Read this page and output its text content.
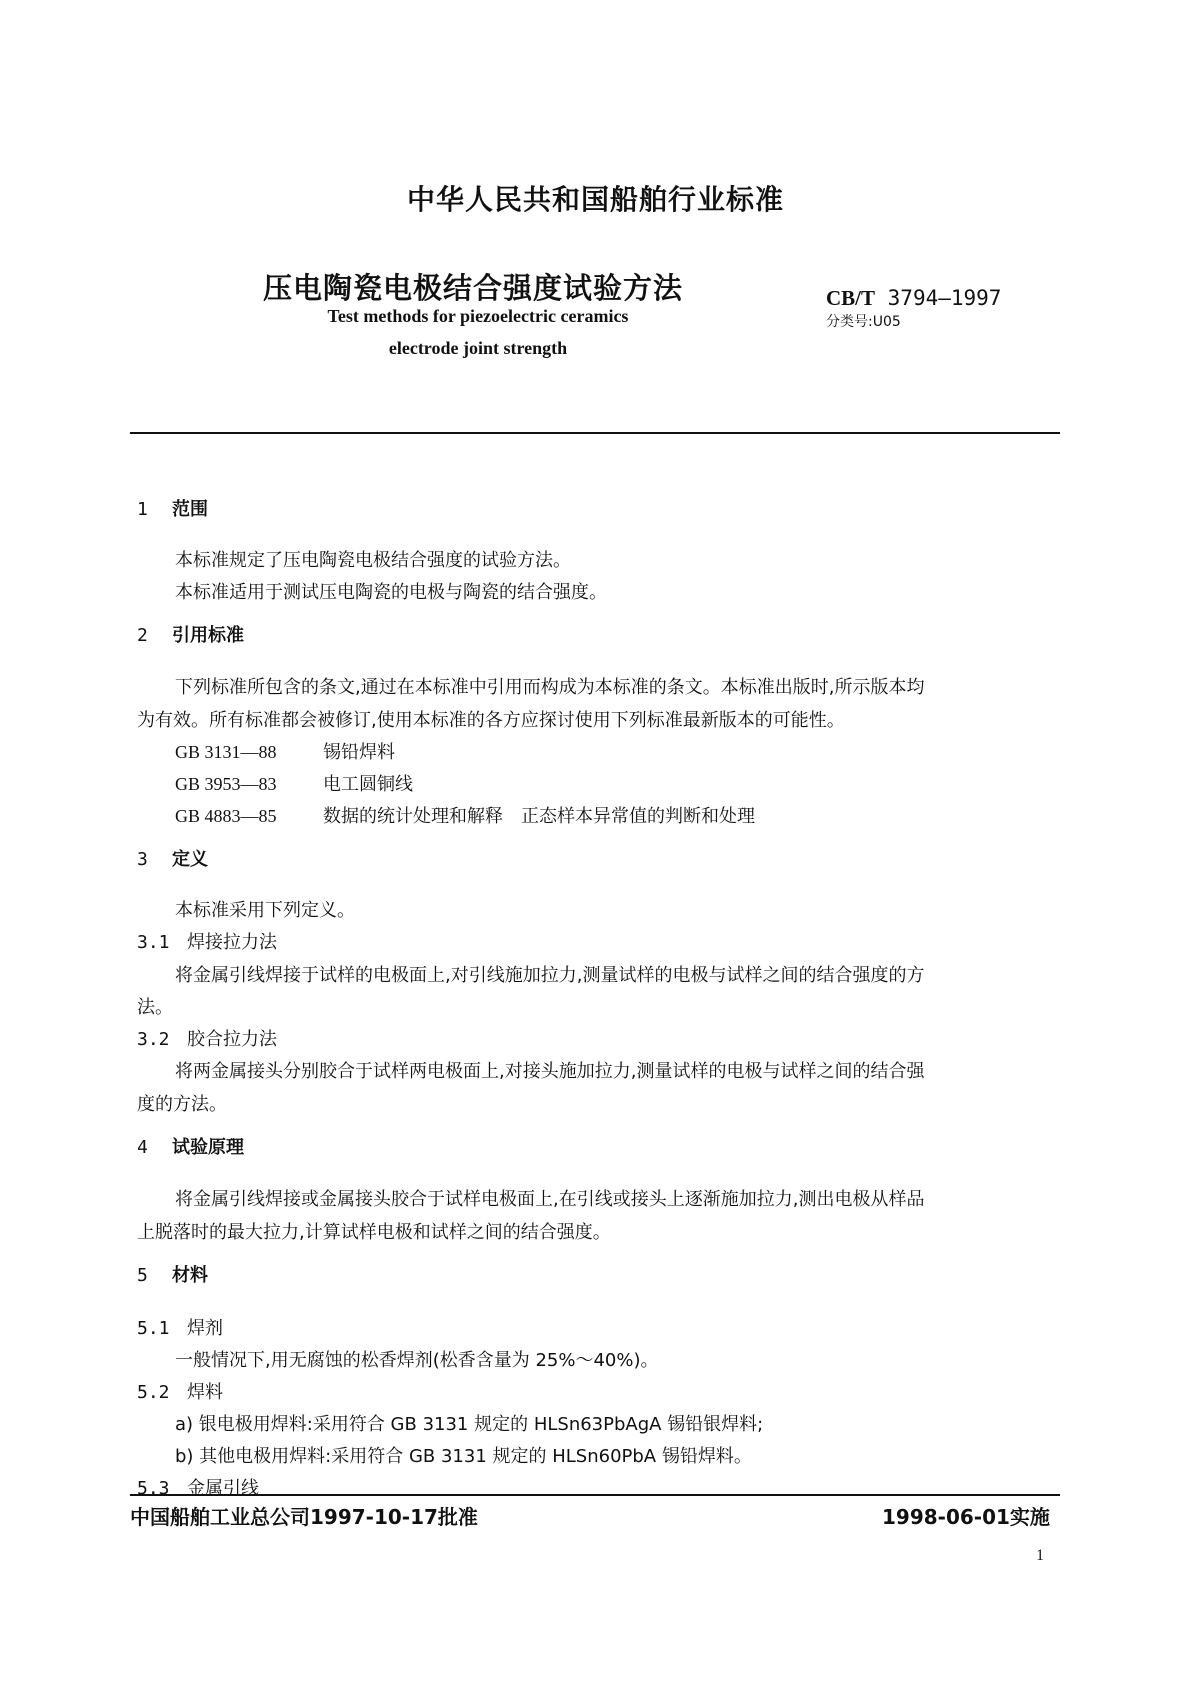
中华人民共和国船舶行业标准
压电陶瓷电极结合强度试验方法
Test methods for piezoelectric ceramics
electrode joint strength
CB/T 3794—1997
分类号:U05
1 范围
本标准规定了压电陶瓷电极结合强度的试验方法。
本标准适用于测试压电陶瓷的电极与陶瓷的结合强度。
2 引用标准
下列标准所包含的条文,通过在本标准中引用而构成为本标准的条文。本标准出版时,所示版本均
为有效。所有标准都会被修订,使用本标准的各方应探讨使用下列标准最新版本的可能性。
GB 3131—88	锡铅焊料
GB 3953—83	电工圆铜线
GB 4883—85	数据的统计处理和解释　正态样本异常值的判断和处理
3 定义
本标准采用下列定义。
3.1 焊接拉力法
将金属引线焊接于试样的电极面上,对引线施加拉力,测量试样的电极与试样之间的结合强度的方
法。
3.2 胶合拉力法
将两金属接头分别胶合于试样两电极面上,对接头施加拉力,测量试样的电极与试样之间的结合强
度的方法。
4 试验原理
将金属引线焊接或金属接头胶合于试样电极面上,在引线或接头上逐渐施加拉力,测出电极从样品
上脱落时的最大拉力,计算试样电极和试样之间的结合强度。
5 材料
5.1 焊剂
一般情况下,用无腐蚀的松香焊剂(松香含量为 25%～40%)。
5.2 焊料
a) 银电极用焊料:采用符合 GB 3131 规定的 HLSn63PbAgA 锡铅银焊料;
b) 其他电极用焊料:采用符合 GB 3131 规定的 HLSn60PbA 锡铅焊料。
5.3 金属引线
中国船舶工业总公司1997-10-17批准	1998-06-01实施
1
